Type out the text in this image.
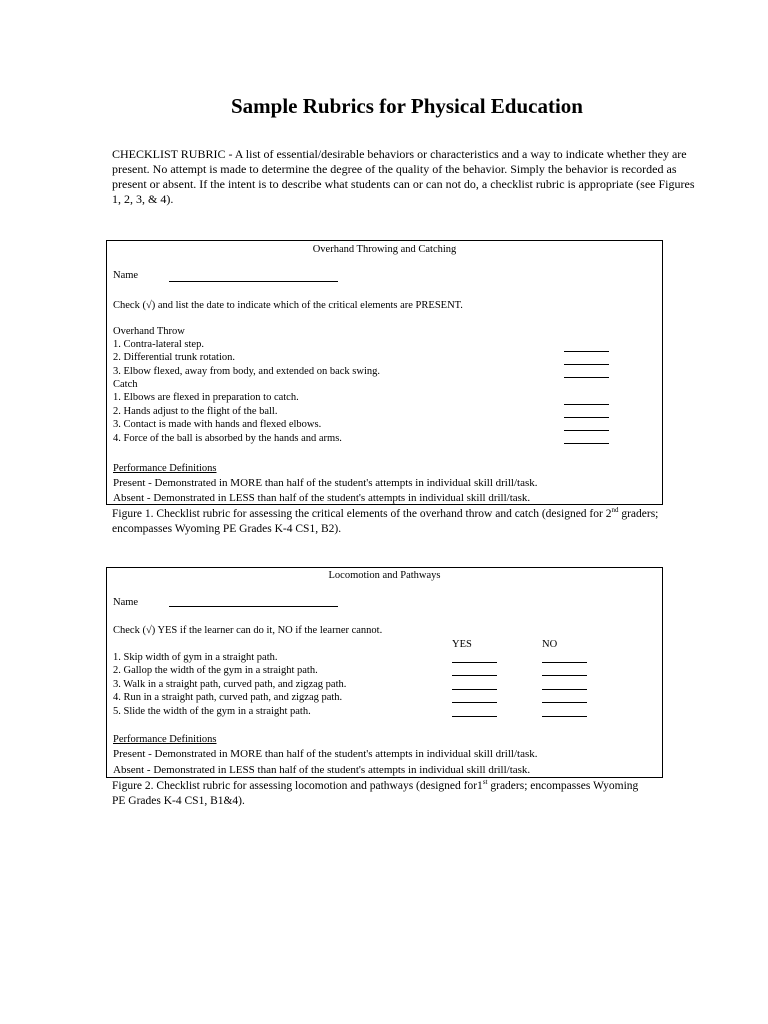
Sample Rubrics for Physical Education
CHECKLIST RUBRIC - A list of essential/desirable behaviors or characteristics and a way to indicate whether they are present. No attempt is made to determine the degree of the quality of the behavior. Simply the behavior is recorded as present or absent. If the intent is to describe what students can or can not do, a checklist rubric is appropriate (see Figures 1, 2, 3, & 4).
Overhand Throwing and Catching
Name
Check (√) and list the date to indicate which of the critical elements are PRESENT.
Overhand Throw
1. Contra-lateral step.
2. Differential trunk rotation.
3. Elbow flexed, away from body, and extended on back swing.
Catch
1. Elbows are flexed in preparation to catch.
2. Hands adjust to the flight of the ball.
3. Contact is made with hands and flexed elbows.
4. Force of the ball is absorbed by the hands and arms.
Performance Definitions
Present - Demonstrated in MORE than half of the student's attempts in individual skill drill/task.
Absent - Demonstrated in LESS than half of the student's attempts in individual skill drill/task.
Figure 1. Checklist rubric for assessing the critical elements of the overhand throw and catch (designed for 2nd graders; encompasses Wyoming PE Grades K-4 CS1, B2).
Locomotion and Pathways
Name
Check (√) YES if the learner can do it, NO if the learner cannot.
YES	NO
1. Skip width of gym in a straight path.
2. Gallop the width of the gym in a straight path.
3. Walk in a straight path, curved path, and zigzag path.
4. Run in a straight path, curved path, and zigzag path.
5. Slide the width of the gym in a straight path.
Performance Definitions
Present - Demonstrated in MORE than half of the student's attempts in individual skill drill/task.
Absent - Demonstrated in LESS than half of the student's attempts in individual skill drill/task.
Figure 2. Checklist rubric for assessing locomotion and pathways (designed for1st graders; encompasses Wyoming PE Grades K-4 CS1, B1&4).
